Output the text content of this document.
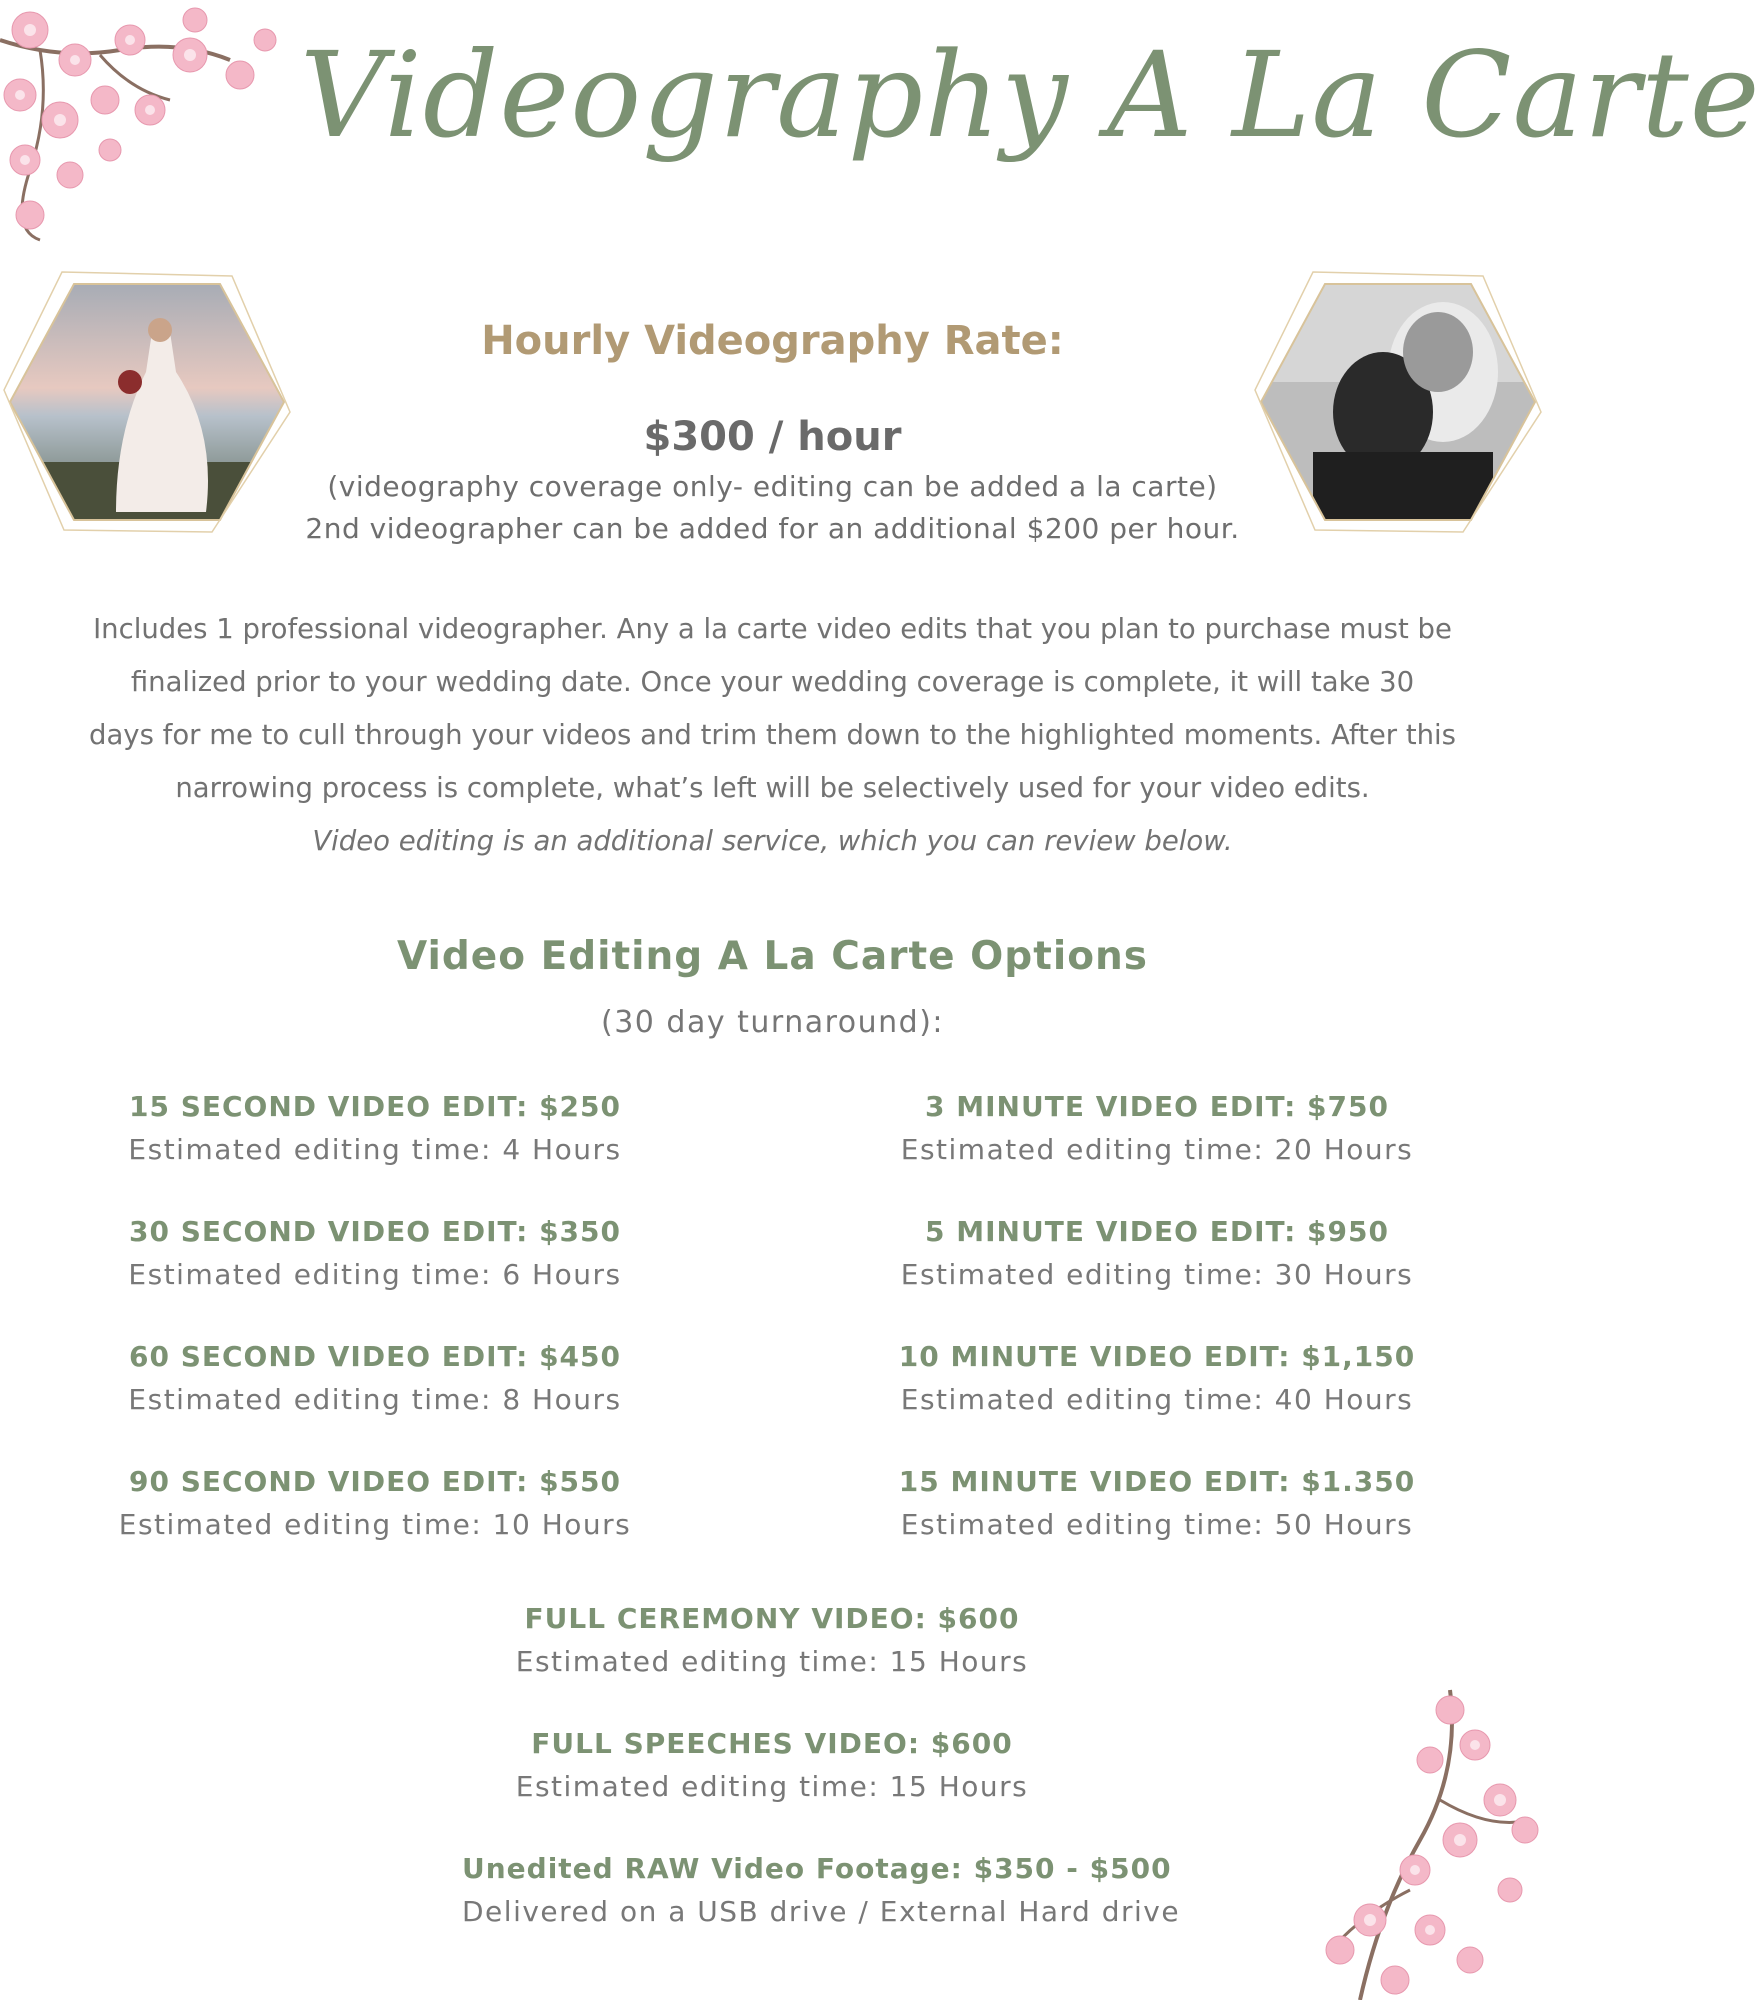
Videography A La Carte
Hourly Videography Rate:
$300 / hour
(videography coverage only- editing can be added a la carte)
2nd videographer can be added for an additional $200 per hour.
Includes 1 professional videographer. Any a la carte video edits that you plan to purchase must be
finalized prior to your wedding date. Once your wedding coverage is complete, it will take 30
days for me to cull through your videos and trim them down to the highlighted moments. After this
narrowing process is complete, what’s left will be selectively used for your video edits.
Video editing is an additional service, which you can review below.
Video Editing A La Carte Options
(30 day turnaround):
15 SECOND VIDEO EDIT: $250
Estimated editing time: 4 Hours
30 SECOND VIDEO EDIT: $350
Estimated editing time: 6 Hours
60 SECOND VIDEO EDIT: $450
Estimated editing time: 8 Hours
90 SECOND VIDEO EDIT: $550
Estimated editing time: 10 Hours
3 MINUTE VIDEO EDIT: $750
Estimated editing time: 20 Hours
5 MINUTE VIDEO EDIT: $950
Estimated editing time: 30 Hours
10 MINUTE VIDEO EDIT: $1,150
Estimated editing time: 40 Hours
15 MINUTE VIDEO EDIT: $1.350
Estimated editing time: 50 Hours
FULL CEREMONY VIDEO: $600
Estimated editing time: 15 Hours
FULL SPEECHES VIDEO: $600
Estimated editing time: 15 Hours
Unedited RAW Video Footage: $350 - $500
Delivered on a USB drive / External Hard drive
